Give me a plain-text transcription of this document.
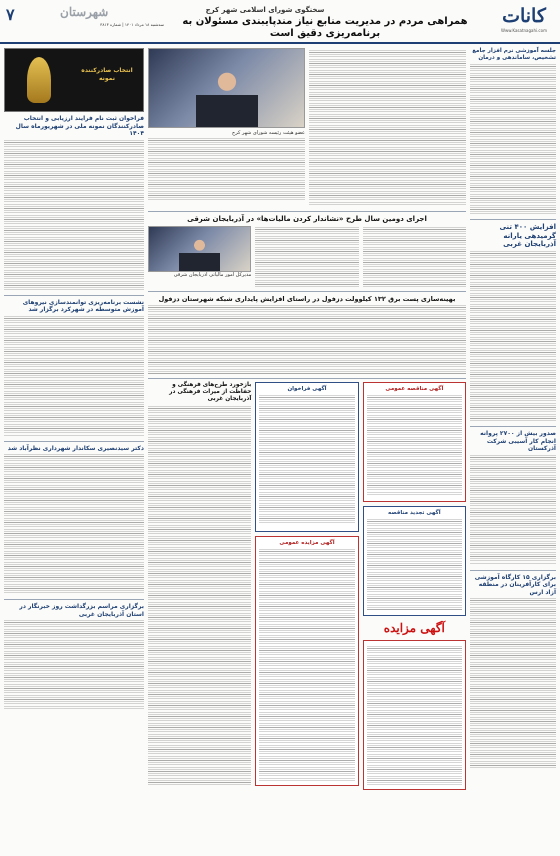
کانات
Www.Kasatnagahi.com
سخنگوی شورای اسلامی شهر کرج
همراهی مردم در مدیریت منابع نیاز مندپایبندی مسئولان به برنامه‌ریزی دقیق است
شهرستان
۷
سه‌شنبه ۱۸ مرداد ۱۴۰۱ | شماره ۳۸۱۳
جلسه آموزشی نرم افزار جامع تشخیص، ساماندهی و درمان
افزایش ۴۰۰ تنی گرمیدهی یارانه آذربایجان غربی
صدور بیش از ۲۷۰۰ پروانه انجام کار آسیبی شرکت آذرکستان
برگزاری ۱۵ کارگاه آموزشی برای کارآفرینان در منطقه آزاد ارس
عضو هیئت رئیسه شورای شهر کرج
اجرای دومین سال طرح «نشاندار کردن مالیات‌ها» در آذربایجان شرقی
مدیرکل امور مالیاتی آذربایجان شرقی
بهینه‌سازی پست برق ۱۳۲ کیلوولت دزفول در راستای افزایش پایداری شبکه شهرستان دزفول
آگهی مناقصه عمومی
آگهی تجدید مناقصه
آگهی مزایده
آگهی فراخوان
آگهی مزایده عمومی
بازخورد طرح‌های فرهنگی و حفاظت از میراث فرهنگی در آذربایجان غربی
انتخاب صادرکننده نمونه
فراخوان ثبت نام فرایند ارزیابی و انتخاب صادرکنندگان نمونه ملی در شهریورماه سال ۱۴۰۴
نشست برنامه‌ریزی توانمندسازی نیروهای آموزش متوسطه در شهرکرد برگزار شد
دکتر سیدنصیری سکاندار شهرداری نظرآباد شد
برگزاری مراسم بزرگداشت روز خبرنگار در استان آذربایجان غربی
